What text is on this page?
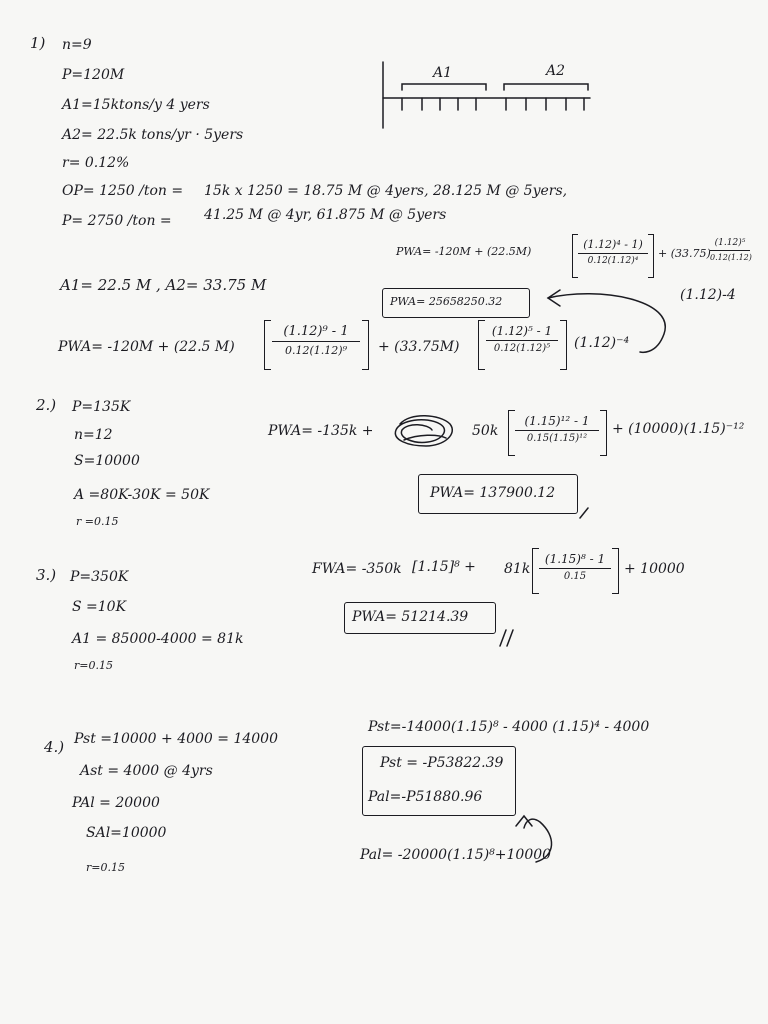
1) n=9
P=120M
A1=15ktons/y 4 yers
A2= 22.5k tons/yr · 5yers
r= 0.12%
OP= 1250 /ton = 15k x 1250 = 18.75 M @ 4yers, 28.125 M @ 5yers,
P= 2750 /ton = 41.25 M @ 4yr, 61.875 M @ 5yers
A1	A2
PWA= -120M + (22.5M)
(1.12)⁴ - 1)
0.12(1.12)⁴
+ (33.75)
(1.12)⁵
0.12(1.12)
(1.12)-4
A1= 22.5 M , A2= 33.75 M
PWA= 25658250.32
PWA= -120M + (22.5 M)
(1.12)⁹ - 1
0.12(1.12)⁹	+ (33.75M)
(1.12)⁵ - 1
0.12(1.12)⁵	(1.12)⁻⁴
2.) P=135K
n=12
S=10000
A =80K-30K = 50K
r =0.15
PWA= -135k +	50k
(1.15)¹² - 1
0.15(1.15)¹²
+ (10000)(1.15)⁻¹²
PWA= 137900.12
3.) P=350K
S =10K
A1 = 85000-4000 = 81k
r=0.15
FWA= -350k [1.15]⁸ + 81k
(1.15)⁸ - 1
0.15	+ 10000
PWA= 51214.39
4.) Pst =10000 + 4000 = 14000
Ast = 4000 @ 4yrs
PAl = 20000
SAl=10000
r=0.15
Pst=-14000(1.15)⁸ - 4000 (1.15)⁴ - 4000
Pst = -P53822.39
Pal=-P51880.96
Pal= -20000(1.15)⁸+10000
